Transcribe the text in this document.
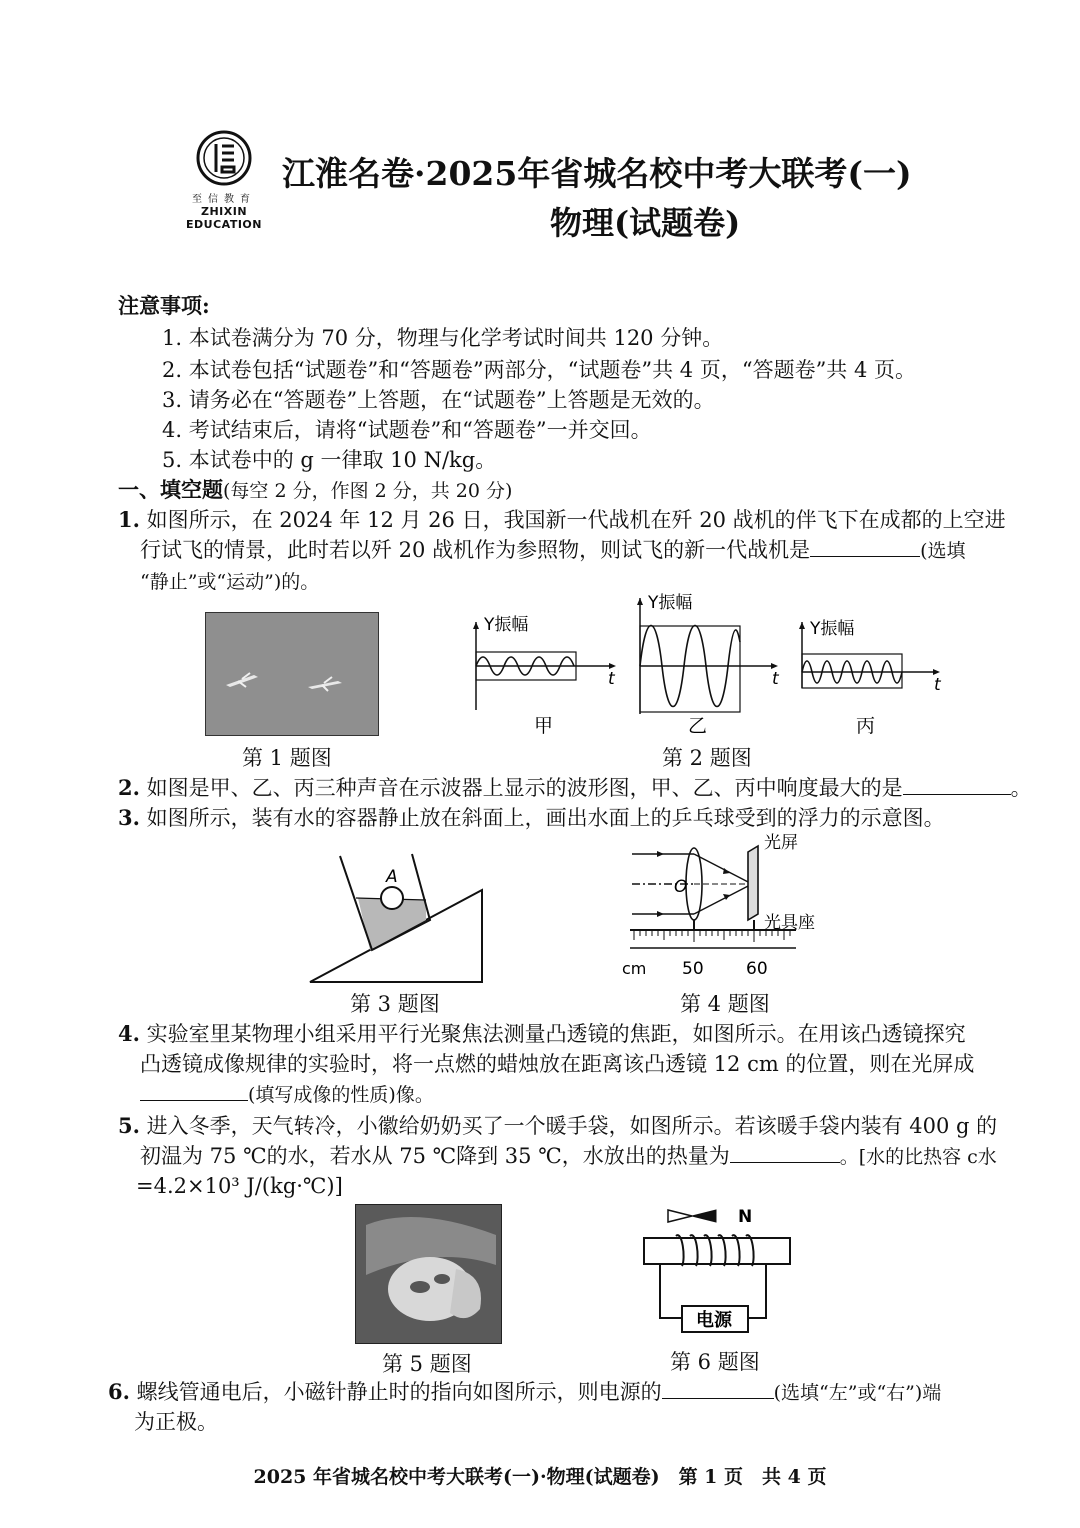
至信教育
ZHIXIN EDUCATION
江淮名卷·2025年省城名校中考大联考(一)
物理(试题卷)
注意事项:
1. 本试卷满分为 70 分，物理与化学考试时间共 120 分钟。
2. 本试卷包括“试题卷”和“答题卷”两部分，“试题卷”共 4 页，“答题卷”共 4 页。
3. 请务必在“答题卷”上答题，在“试题卷”上答题是无效的。
4. 考试结束后，请将“试题卷”和“答题卷”一并交回。
5. 本试卷中的 g 一律取 10 N/kg。
一、填空题(每空 2 分，作图 2 分，共 20 分)
1. 如图所示，在 2024 年 12 月 26 日，我国新一代战机在歼 20 战机的伴飞下在成都的上空进
行试飞的情景，此时若以歼 20 战机作为参照物，则试飞的新一代战机是	(选填
“静止”或“运动”)的。
第 1 题图
Y振幅
t
甲
Y振幅
t
乙
Y振幅
t
丙
第 2 题图
2. 如图是甲、乙、丙三种声音在示波器上显示的波形图，甲、乙、丙中响度最大的是	。
3. 如图所示，装有水的容器静止放在斜面上，画出水面上的乒乓球受到的浮力的示意图。
A
第 3 题图
光屏
光具座
O
cm 50 60
第 4 题图
4. 实验室里某物理小组采用平行光聚焦法测量凸透镜的焦距，如图所示。在用该凸透镜探究
凸透镜成像规律的实验时，将一点燃的蜡烛放在距离该凸透镜 12 cm 的位置，则在光屏成
(填写成像的性质)像。
5. 进入冬季，天气转冷，小徽给奶奶买了一个暖手袋，如图所示。若该暖手袋内装有 400 g 的
初温为 75 ℃的水，若水从 75 ℃降到 35 ℃，水放出的热量为	。[水的比热容 c水
=4.2×10³ J/(kg·℃)]
第 5 题图
N
电源
第 6 题图
6. 螺线管通电后，小磁针静止时的指向如图所示，则电源的	(选填“左”或“右”)端
为正极。
2025 年省城名校中考大联考(一)·物理(试题卷)　第 1 页　共 4 页
